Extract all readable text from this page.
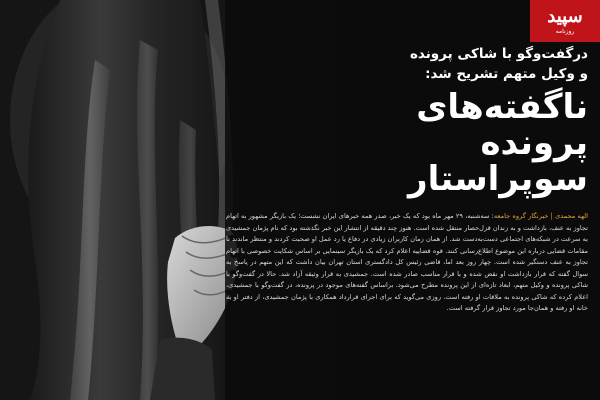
سپید
روزنامه

درگفت‌وگو با شاکی پرونده
و وکیل متهم تشریح شد:

ناگفته‌های
پرونده
سوپراستار
الهه محمدی | خبرنگار گروه جامعه: سه‌شنبه، ۲۹ مهر ماه بود که یک خبر، صدر همه خبرهای ایران نشست؛ یک بازیگر مشهور به اتهام تجاوز به عنف، بازداشت و به زندان قزل‌حصار منتقل شده است. هنوز چند دقیقه از انتشار این خبر نگذشته بود که نام پژمان جمشیدی به سرعت در شبکه‌های اجتماعی دست‌به‌دست شد. از همان زمان کاربران زیادی در دفاع یا رد عمل او صحبت کردند و منتظر ماندند تا مقامات قضایی درباره این موضوع اطلاع‌رسانی کنند. قوه قضاییه اعلام کرد که یک بازیگر سینمایی بر اساس شکایت خصوصی با اتهام تجاوز به عنف دستگیر شده است. چهار روز بعد اما، قاضی رئیس کل دادگستری استان تهران بیان داشت که این متهم در پاسخ به سوال گفته که قرار بازداشت او نقض شده و با قرار مناسب صادر شده است. جمشیدی به قرار وثیقه آزاد شد. حالا در گفت‌وگو با شاکی پرونده و وکیل متهم، ابعاد تازه‌ای از این پرونده مطرح می‌شود. براساس گفته‌های موجود در پرونده، در گفت‌وگو با جمشیدی، اعلام کرده که شاکی پرونده به ملاقات او رفته است. روزی می‌گوید که برای اجرای قرارداد همکاری با پژمان جمشیدی، از دفتر او به خانه او رفته و همان‌جا مورد تجاوز قرار گرفته است.
